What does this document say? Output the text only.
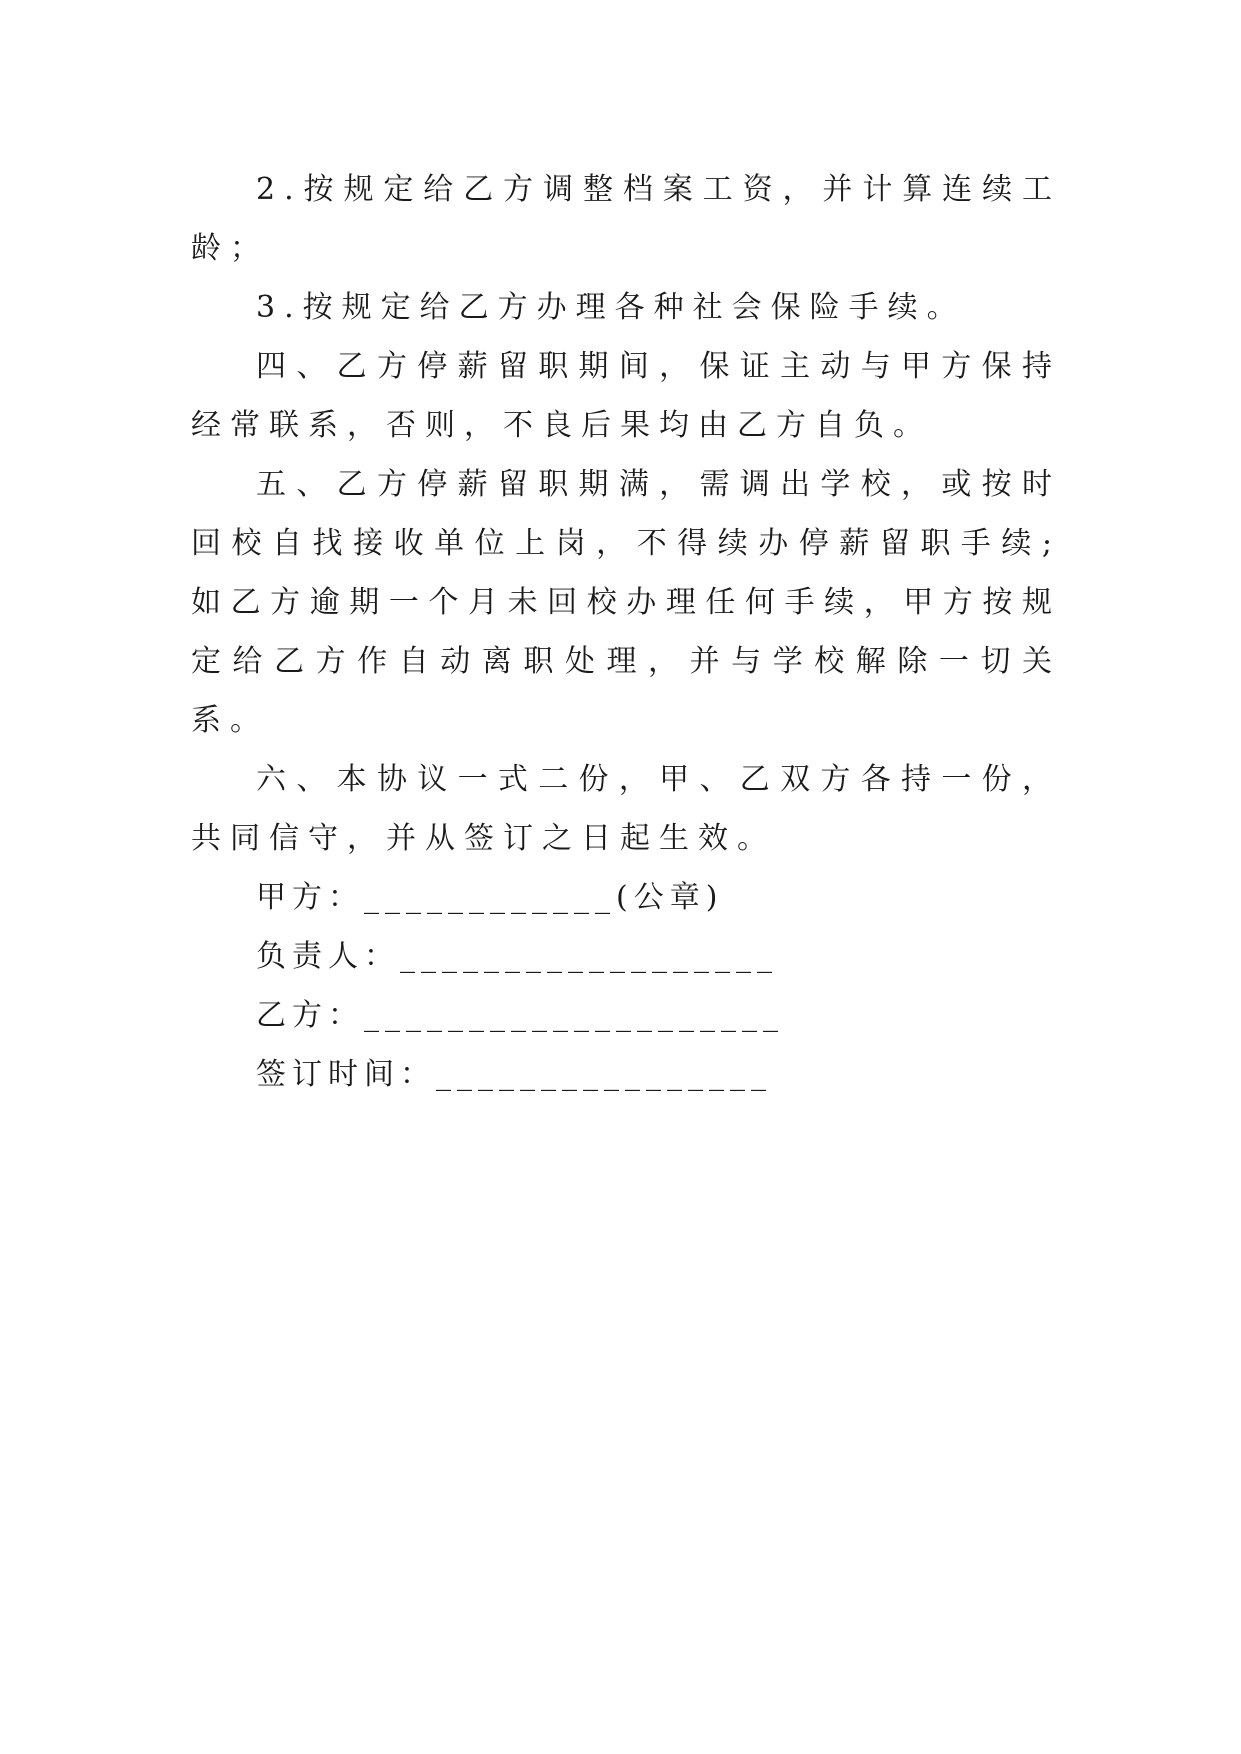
2.按规定给乙方调整档案工资，并计算连续工龄；

3.按规定给乙方办理各种社会保险手续。

四、乙方停薪留职期间，保证主动与甲方保持经常联系，否则，不良后果均由乙方自负。

五、乙方停薪留职期满，需调出学校，或按时回校自找接收单位上岗，不得续办停薪留职手续;如乙方逾期一个月未回校办理任何手续，甲方按规定给乙方作自动离职处理，并与学校解除一切关系。

六、本协议一式二份，甲、乙双方各持一份，共同信守，并从签订之日起生效。

甲方：____________(公章)
负责人：__________________
乙方：____________________
签订时间：________________
